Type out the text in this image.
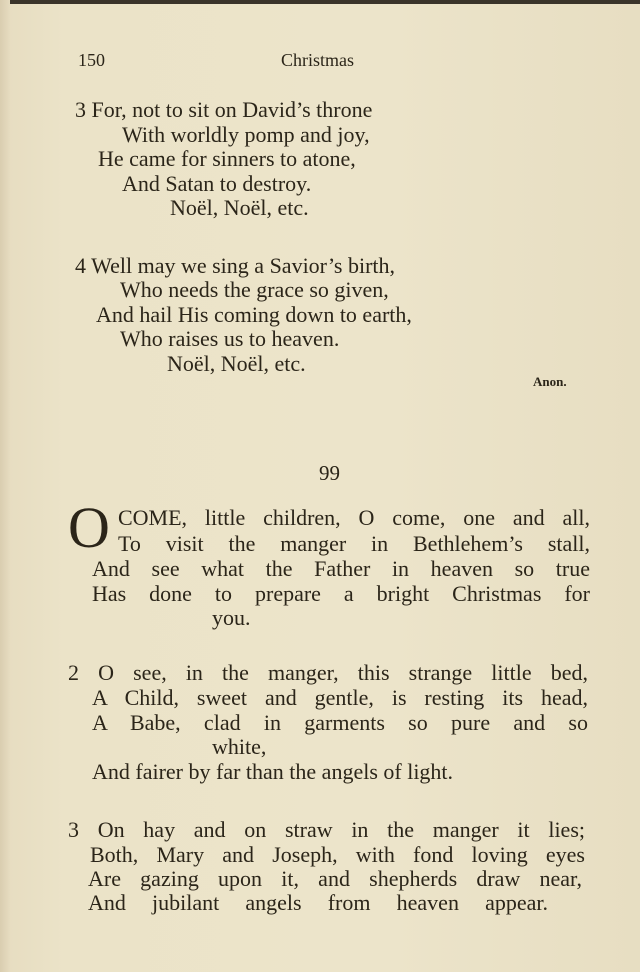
150	Christmas
3 For, not to sit on David’s throne
With worldly pomp and joy,
He came for sinners to atone,
And Satan to destroy.
Noël, Noël, etc.
4 Well may we sing a Savior’s birth,
Who needs the grace so given,
And hail His coming down to earth,
Who raises us to heaven.
Noël, Noël, etc.
Anon.
99
O COME, little children, O come, one and all,
To visit the manger in Bethlehem’s stall,
And see what the Father in heaven so true
Has done to prepare a bright Christmas for
you.
2 O see, in the manger, this strange little bed,
A Child, sweet and gentle, is resting its head,
A Babe, clad in garments so pure and so
white,
And fairer by far than the angels of light.
3 On hay and on straw in the manger it lies;
Both, Mary and Joseph, with fond loving eyes
Are gazing upon it, and shepherds draw near,
And jubilant angels from heaven appear.
